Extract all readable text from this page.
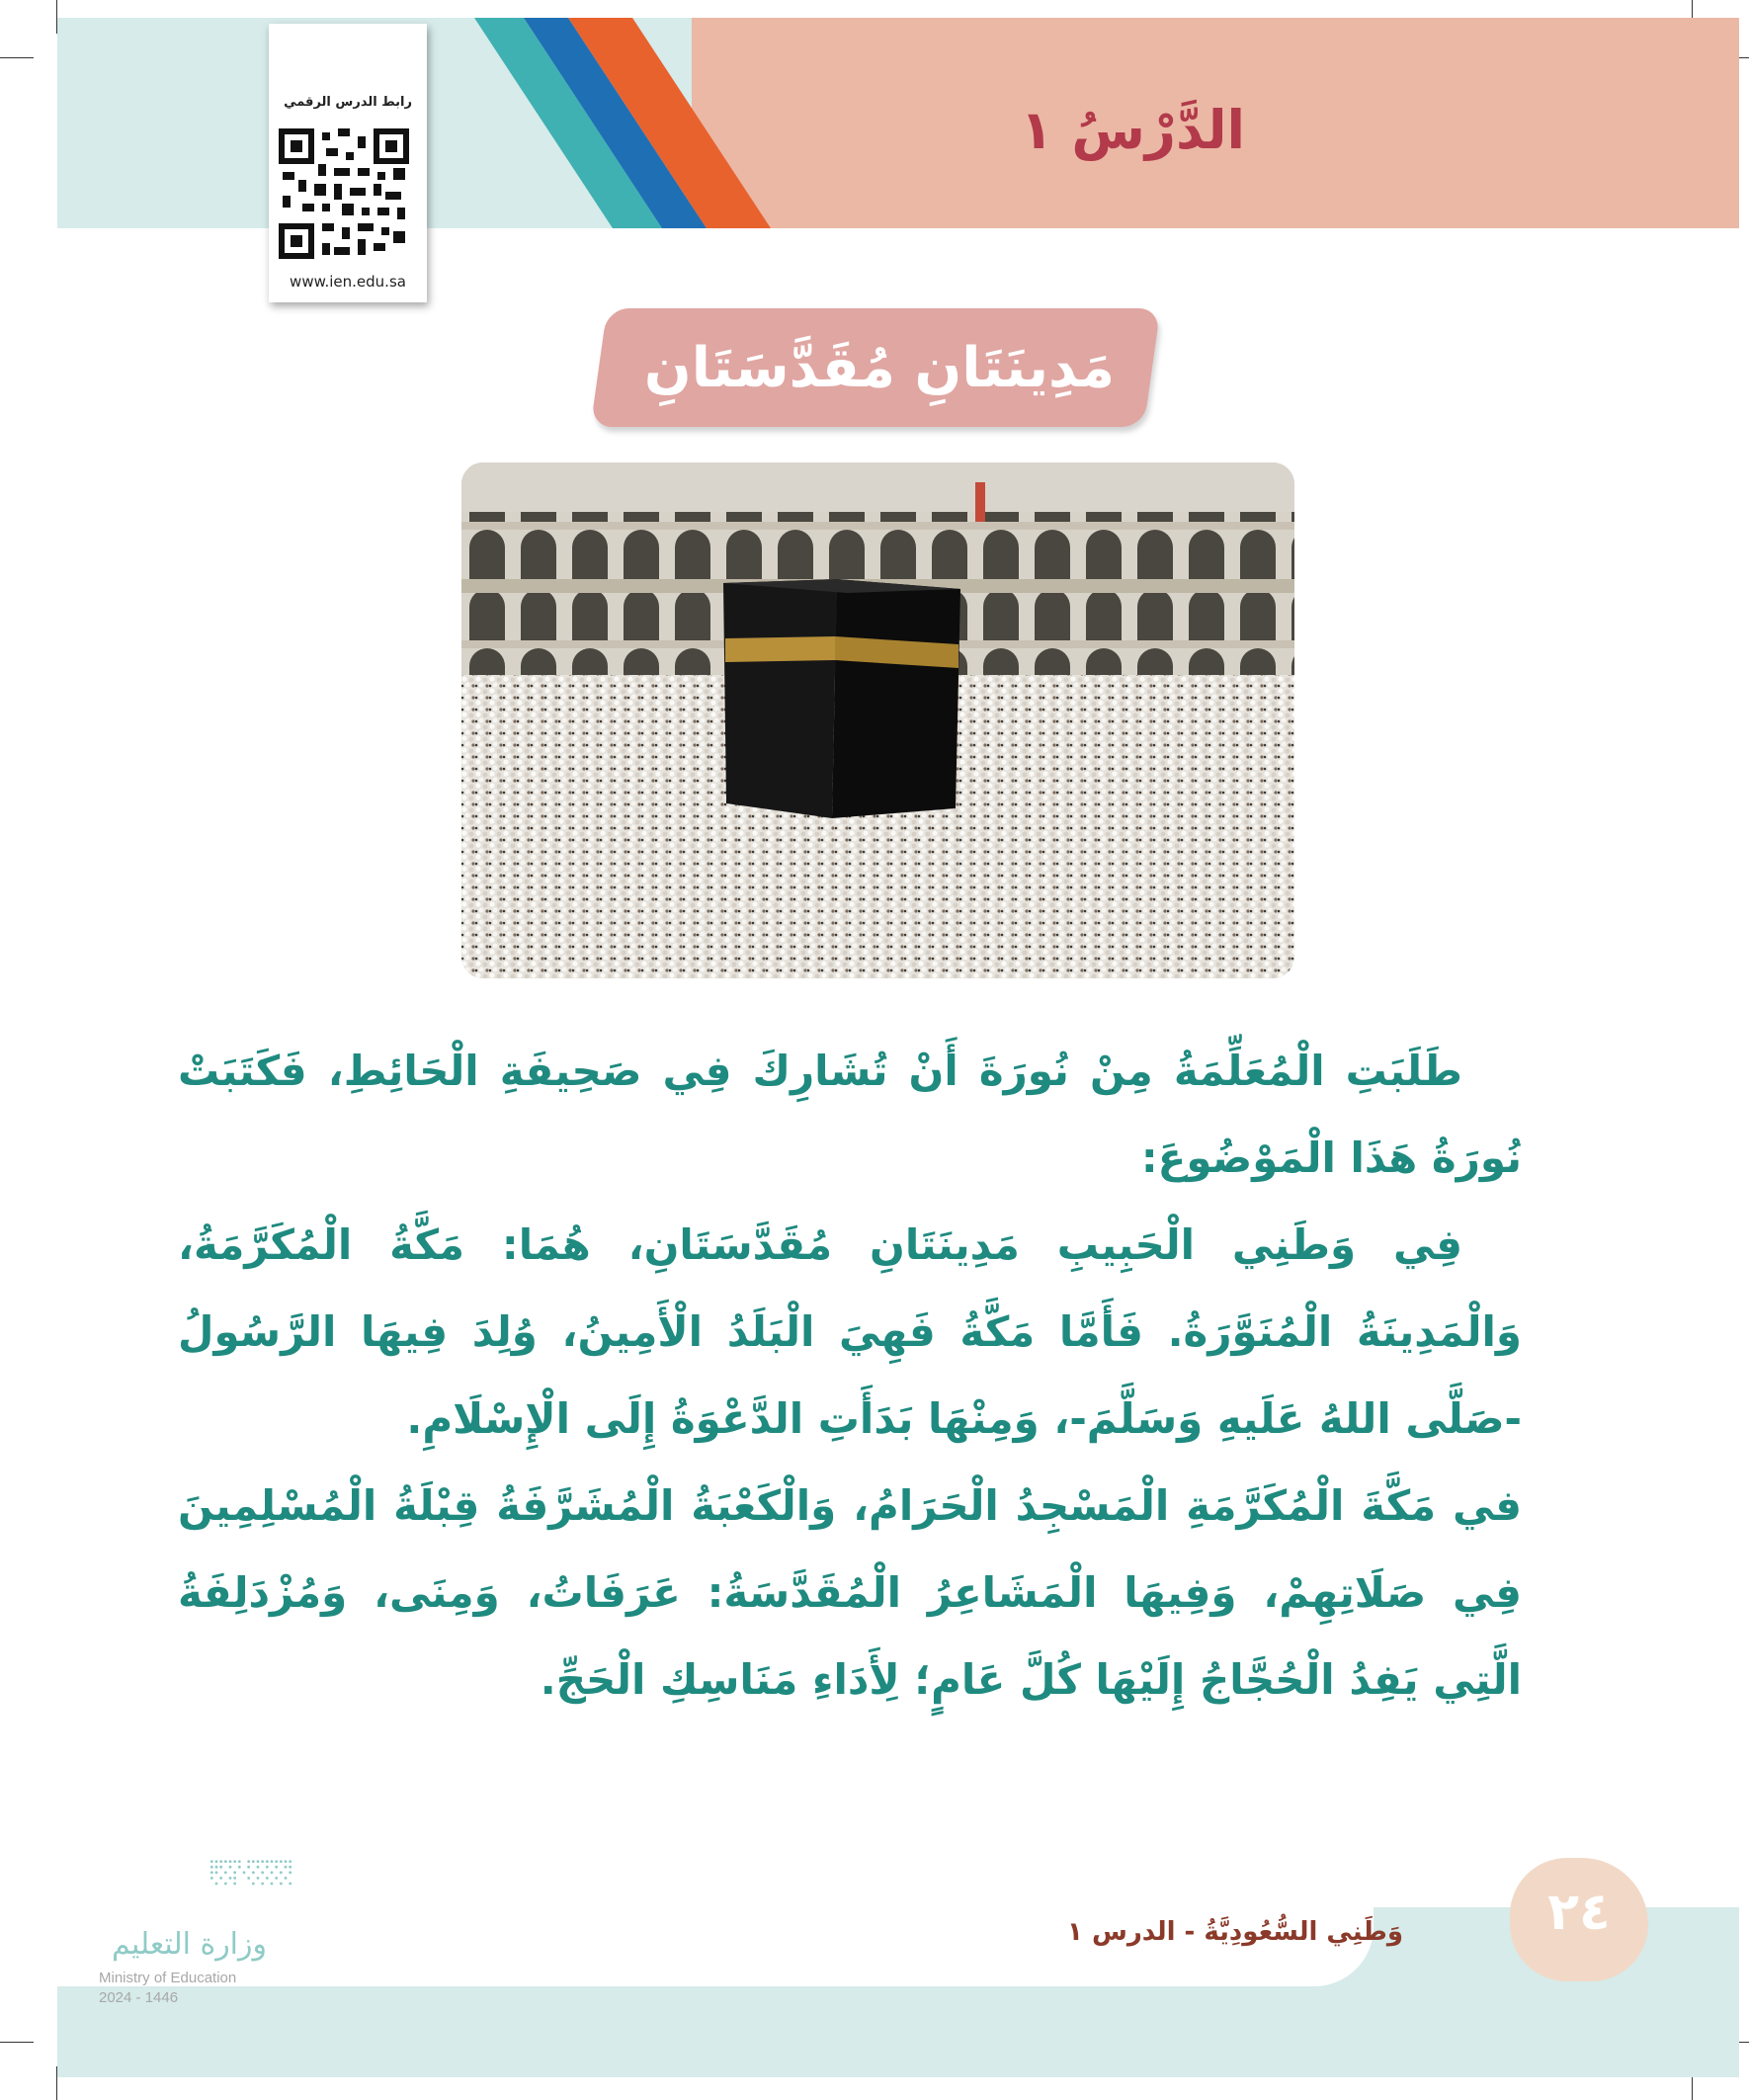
الدَّرْسُ ١
رابط الدرس الرقمي
www.ien.edu.sa
مَدِينَتَانِ مُقَدَّسَتَانِ

طَلَبَتِ الْمُعَلِّمَةُ مِنْ نُورَةَ أَنْ تُشَارِكَ فِي صَحِيفَةِ الْحَائِطِ، فَكَتَبَتْ نُورَةُ هَذَا الْمَوْضُوعَ:

فِي وَطَنِي الْحَبِيبِ مَدِينَتَانِ مُقَدَّسَتَانِ، هُمَا: مَكَّةُ الْمُكَرَّمَةُ، وَالْمَدِينَةُ الْمُنَوَّرَةُ. فَأَمَّا مَكَّةُ فَهِيَ الْبَلَدُ الْأَمِينُ، وُلِدَ فِيهَا الرَّسُولُ -صَلَّى اللهُ عَلَيهِ وَسَلَّمَ-، وَمِنْهَا بَدَأَتِ الدَّعْوَةُ إِلَى الْإِسْلَامِ.

في مَكَّةَ الْمُكَرَّمَةِ الْمَسْجِدُ الْحَرَامُ، وَالْكَعْبَةُ الْمُشَرَّفَةُ قِبْلَةُ الْمُسْلِمِينَ فِي صَلَاتِهِمْ، وَفِيهَا الْمَشَاعِرُ الْمُقَدَّسَةُ: عَرَفَاتُ، وَمِنَى، وَمُزْدَلِفَةُ الَّتِي يَفِدُ الْحُجَّاجُ إِلَيْهَا كُلَّ عَامٍ؛ لِأَدَاءِ مَنَاسِكِ الْحَجِّ.

وَطَنِي السُّعُودِيَّةُ - الدرس ١	٢٤
وزارة التعليم
Ministry of Education
2024 - 1446
